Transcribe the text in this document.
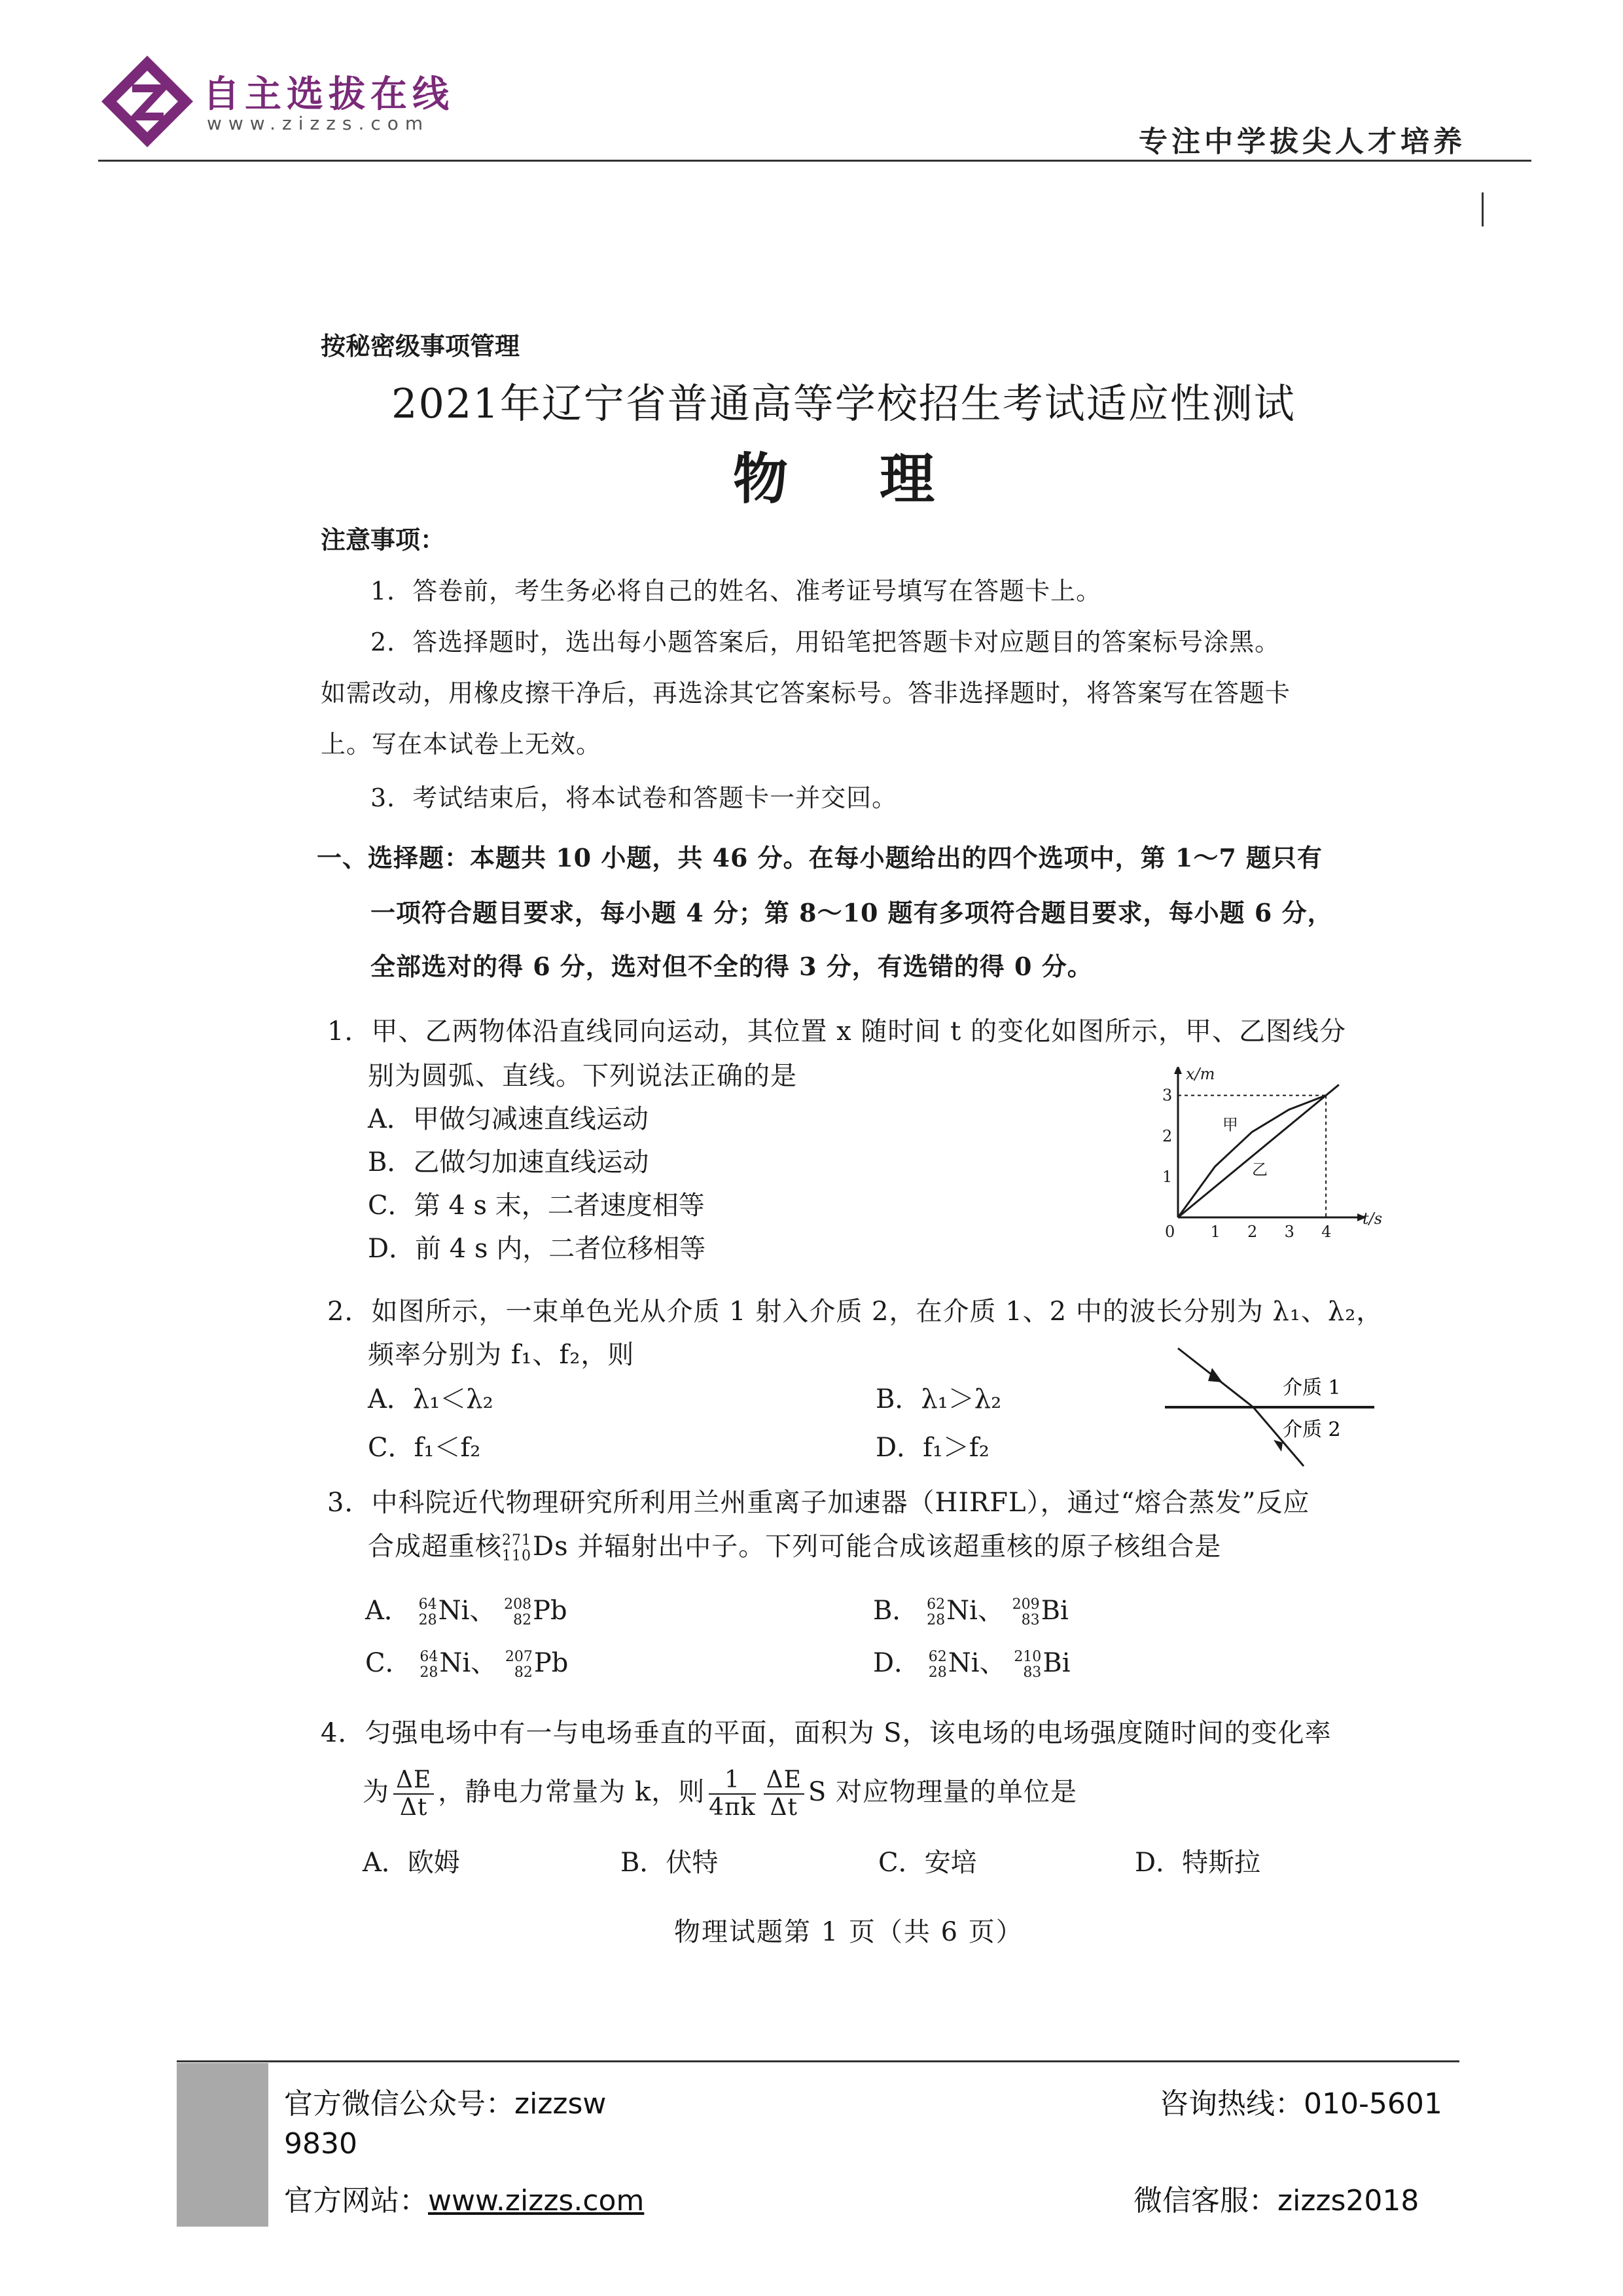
自主选拔在线
www.zizzs.com
专注中学拔尖人才培养
按秘密级事项管理
2021年辽宁省普通高等学校招生考试适应性测试
物理
注意事项：
1．答卷前，考生务必将自己的姓名、准考证号填写在答题卡上。
2．答选择题时，选出每小题答案后，用铅笔把答题卡对应题目的答案标号涂黑。
如需改动，用橡皮擦干净后，再选涂其它答案标号。答非选择题时，将答案写在答题卡
上。写在本试卷上无效。
3．考试结束后，将本试卷和答题卡一并交回。
一、选择题：本题共 10 小题，共 46 分。在每小题给出的四个选项中，第 1～7 题只有
一项符合题目要求，每小题 4 分；第 8～10 题有多项符合题目要求，每小题 6 分，
全部选对的得 6 分，选对但不全的得 3 分，有选错的得 0 分。
1．甲、乙两物体沿直线同向运动，其位置 x 随时间 t 的变化如图所示，甲、乙图线分
别为圆弧、直线。下列说法正确的是
A．甲做匀减速直线运动
B．乙做匀加速直线运动
C．第 4 s 末，二者速度相等
D．前 4 s 内，二者位移相等
t/s
x/m
0 1 2 3 4
1
2
3
甲
乙
2．如图所示，一束单色光从介质 1 射入介质 2，在介质 1、2 中的波长分别为 λ₁、λ₂，
频率分别为 f₁、f₂，则
A．λ₁＜λ₂	B．λ₁＞λ₂
C．f₁＜f₂	D．f₁＞f₂
介质 1
介质 2
3．中科院近代物理研究所利用兰州重离子加速器（HIRFL），通过“熔合蒸发”反应
合成超重核271
110Ds 并辐射出中子。下列可能合成该超重核的原子核组合是
A． 64
28Ni、 208
82Pb	B． 62
28Ni、 209
83Bi
C． 64
28Ni、 207
82Pb	D． 62
28Ni、 210
83Bi
4．匀强电场中有一与电场垂直的平面，面积为 S，该电场的电场强度随时间的变化率
为 $\frac{\Delta E}{\Delta t}$ ，静电力常量为 k，则 $\frac{1}{4\pi k} \frac{\Delta E}{\Delta t}$ S 对应物理量的单位是
A．欧姆	B．伏特	C．安培	D．特斯拉
物理试题第 1 页（共 6 页）
官方微信公众号：zizzsw
9830
官方网站：www.zizzs.com
咨询热线：010-5601
微信客服：zizzs2018
